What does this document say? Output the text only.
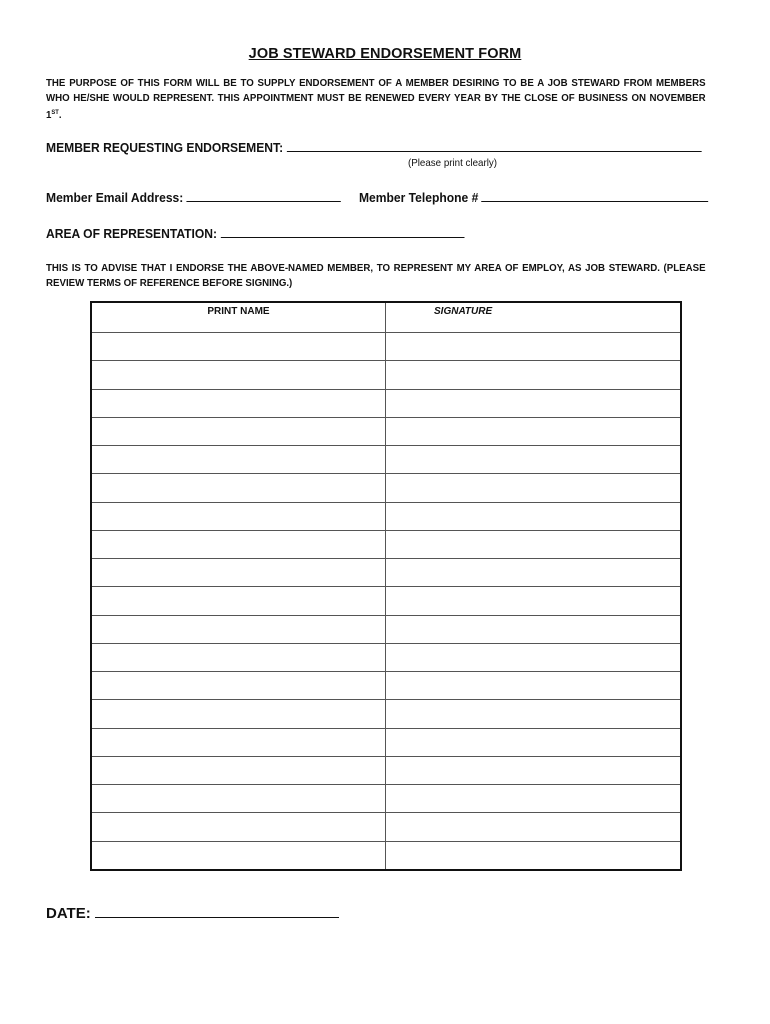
JOB STEWARD ENDORSEMENT FORM
THE PURPOSE OF THIS FORM WILL BE TO SUPPLY ENDORSEMENT OF A MEMBER DESIRING TO BE A JOB STEWARD FROM MEMBERS WHO HE/SHE WOULD REPRESENT. THIS APPOINTMENT MUST BE RENEWED EVERY YEAR BY THE CLOSE OF BUSINESS ON NOVEMBER 1ST.
MEMBER REQUESTING ENDORSEMENT:
(Please print clearly)
Member Email Address:	Member Telephone #
AREA OF REPRESENTATION:
THIS IS TO ADVISE THAT I ENDORSE THE ABOVE-NAMED MEMBER, TO REPRESENT MY AREA OF EMPLOY, AS JOB STEWARD. (PLEASE REVIEW TERMS OF REFERENCE BEFORE SIGNING.)
PRINT NAME	SIGNATURE

DATE:
